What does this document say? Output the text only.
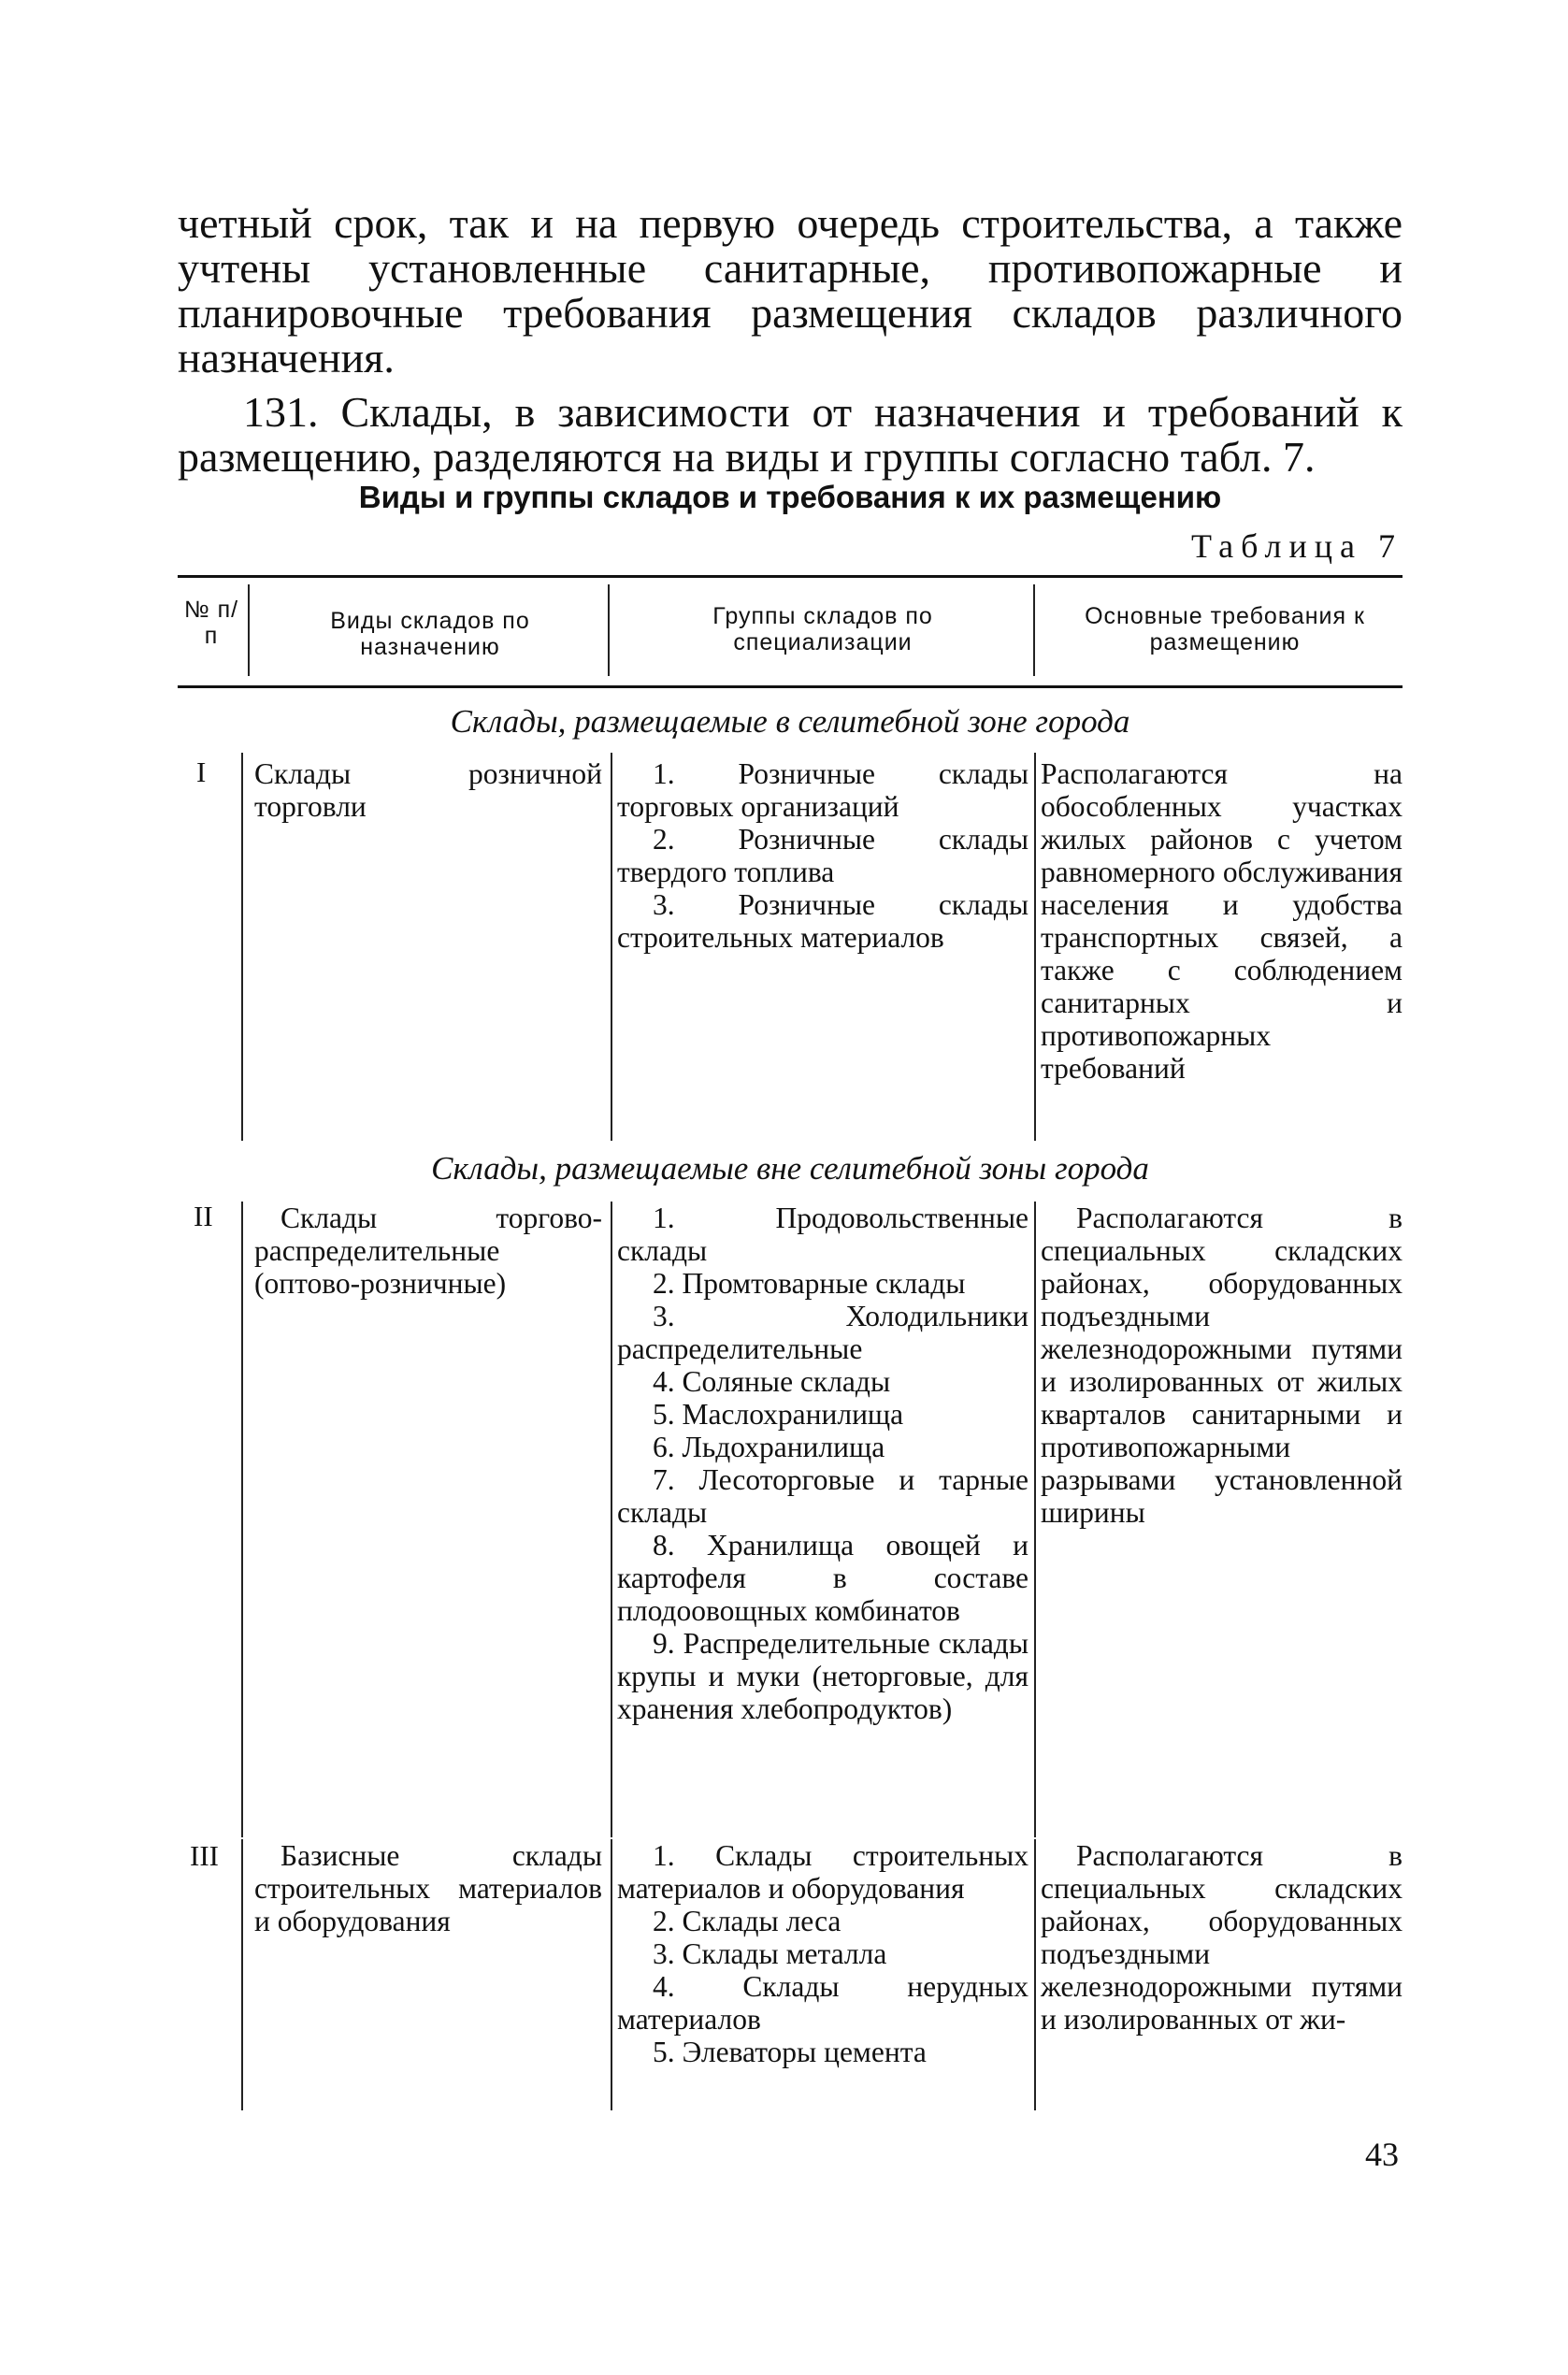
четный срок, так и на первую очередь строительства, а также учтены установленные санитарные, противопожарные и планировочные требования размещения складов различного назначения.

131. Склады, в зависимости от назначения и требований к размещению, разделяются на виды и группы согласно табл. 7.

Виды и группы складов и требования к их размещению
Таблица 7
№ п/п
Виды складов по назначению
Группы складов по специализации
Основные требования к размещению
Склады, размещаемые в селитебной зоне города
I Склады розничной торговли

1. Розничные склады торговых организаций

2. Розничные склады твердого топлива

3. Розничные склады строительных материалов

Располагаются на обособленных участках жилых районов с учетом равномерного обслуживания населения и удобства транспортных связей, а также с соблюдением санитарных и противопожарных требований

Склады, размещаемые вне селитебной зоны города
II	Склады торгово-распределительные (оптово-розничные)

1. Продовольственные склады

2. Промтоварные склады

3. Холодильники распределительные

4. Соляные склады

5. Маслохранилища

6. Льдохранилища

7. Лесоторговые и тарные склады

8. Хранилища овощей и картофеля в составе плодоовощных комбинатов

9. Распределительные склады крупы и муки (неторговые, для хранения хлебопродуктов)

Располагаются в специальных складских районах, оборудованных подъездными железнодорожными путями и изолированных от жилых кварталов санитарными и противопожарными разрывами установленной ширины

III	Базисные склады строительных материалов и оборудования

1. Склады строительных материалов и оборудования

2. Склады леса

3. Склады металла

4. Склады нерудных материалов

5. Элеваторы цемента

Располагаются в специальных складских районах, оборудованных подъездными железнодорожными путями и изолированных от жи-

43
